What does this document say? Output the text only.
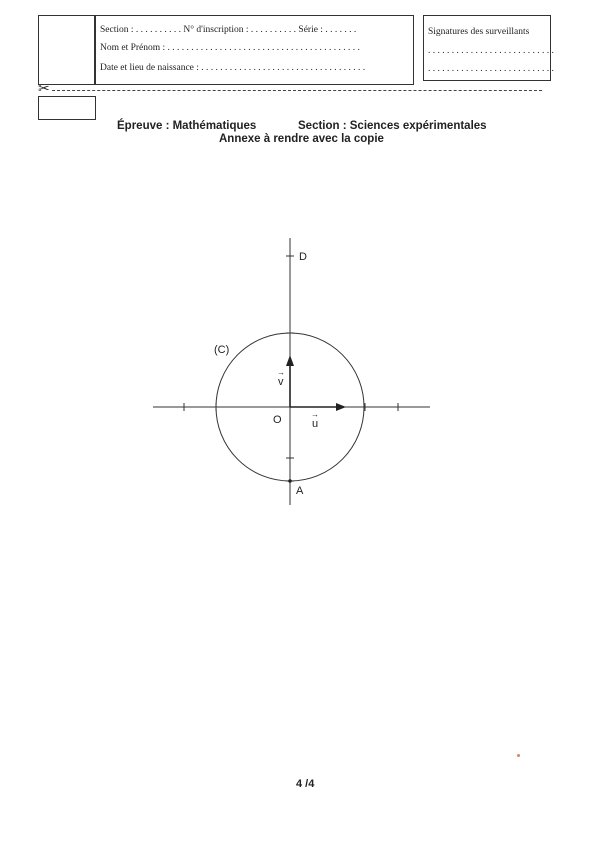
Section : . . . . . . . . . . N° d'inscription : . . . . . . . . . . Série : . . . . . . .
Nom et Prénom : . . . . . . . . . . . . . . . . . . . . . . . . . . . . . . . . . . . . . . . . .
Date et lieu de naissance : . . . . . . . . . . . . . . . . . . . . . . . . . . . . . . . . . . .
Signatures des surveillants
. . . . . . . . . . . . . . . . . . . . . . . . . . .
. . . . . . . . . . . . . . . . . . . . . . . . . . .
✂
Épreuve : Mathématiques	Section : Sciences expérimentales
Annexe à rendre avec la copie
D
(C)
O
A
u
→
v
→
4 /4
